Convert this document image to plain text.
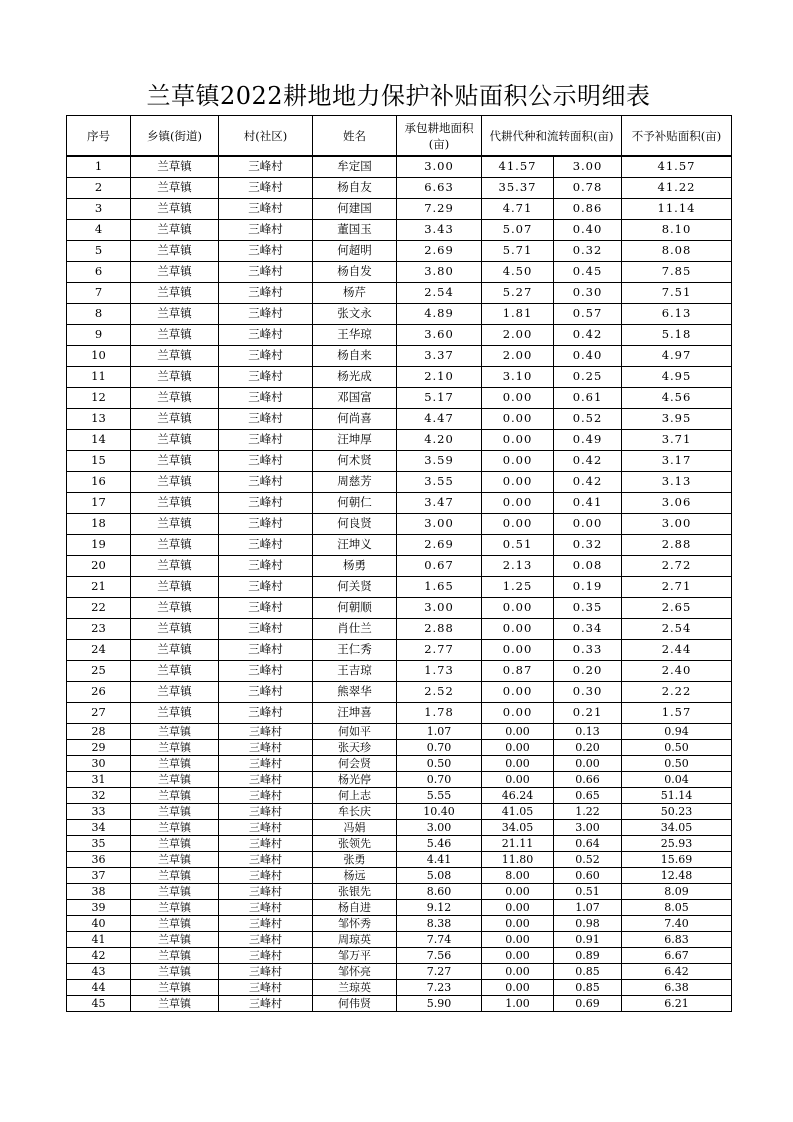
兰草镇2022耕地地力保护补贴面积公示明细表
序号	乡镇(街道)	村(社区)	姓名	承包耕地面积(亩)	代耕代种和流转面积(亩)		不予补贴面积(亩)
1	兰草镇	三峰村	牟定国	3.00	41.57	3.00	41.57
2	兰草镇	三峰村	杨自友	6.63	35.37	0.78	41.22
3	兰草镇	三峰村	何建国	7.29	4.71	0.86	11.14
4	兰草镇	三峰村	董国玉	3.43	5.07	0.40	8.10
5	兰草镇	三峰村	何超明	2.69	5.71	0.32	8.08
6	兰草镇	三峰村	杨自发	3.80	4.50	0.45	7.85
7	兰草镇	三峰村	杨芹	2.54	5.27	0.30	7.51
8	兰草镇	三峰村	张文永	4.89	1.81	0.57	6.13
9	兰草镇	三峰村	王华琼	3.60	2.00	0.42	5.18
10	兰草镇	三峰村	杨自来	3.37	2.00	0.40	4.97
11	兰草镇	三峰村	杨光成	2.10	3.10	0.25	4.95
12	兰草镇	三峰村	邓国富	5.17	0.00	0.61	4.56
13	兰草镇	三峰村	何尚喜	4.47	0.00	0.52	3.95
14	兰草镇	三峰村	汪坤厚	4.20	0.00	0.49	3.71
15	兰草镇	三峰村	何术贤	3.59	0.00	0.42	3.17
16	兰草镇	三峰村	周慈芳	3.55	0.00	0.42	3.13
17	兰草镇	三峰村	何朝仁	3.47	0.00	0.41	3.06
18	兰草镇	三峰村	何良贤	3.00	0.00	0.00	3.00
19	兰草镇	三峰村	汪坤义	2.69	0.51	0.32	2.88
20	兰草镇	三峰村	杨勇	0.67	2.13	0.08	2.72
21	兰草镇	三峰村	何关贤	1.65	1.25	0.19	2.71
22	兰草镇	三峰村	何朝顺	3.00	0.00	0.35	2.65
23	兰草镇	三峰村	肖仕兰	2.88	0.00	0.34	2.54
24	兰草镇	三峰村	王仁秀	2.77	0.00	0.33	2.44
25	兰草镇	三峰村	王吉琼	1.73	0.87	0.20	2.40
26	兰草镇	三峰村	熊翠华	2.52	0.00	0.30	2.22
27	兰草镇	三峰村	汪坤喜	1.78	0.00	0.21	1.57
28	兰草镇	三峰村	何如平	1.07	0.00	0.13	0.94
29	兰草镇	三峰村	张天珍	0.70	0.00	0.20	0.50
30	兰草镇	三峰村	何会贤	0.50	0.00	0.00	0.50
31	兰草镇	三峰村	杨光停	0.70	0.00	0.66	0.04
32	兰草镇	三峰村	何上志	5.55	46.24	0.65	51.14
33	兰草镇	三峰村	牟长庆	10.40	41.05	1.22	50.23
34	兰草镇	三峰村	冯娟	3.00	34.05	3.00	34.05
35	兰草镇	三峰村	张领先	5.46	21.11	0.64	25.93
36	兰草镇	三峰村	张勇	4.41	11.80	0.52	15.69
37	兰草镇	三峰村	杨远	5.08	8.00	0.60	12.48
38	兰草镇	三峰村	张银先	8.60	0.00	0.51	8.09
39	兰草镇	三峰村	杨自进	9.12	0.00	1.07	8.05
40	兰草镇	三峰村	邹怀秀	8.38	0.00	0.98	7.40
41	兰草镇	三峰村	周琼英	7.74	0.00	0.91	6.83
42	兰草镇	三峰村	邹万平	7.56	0.00	0.89	6.67
43	兰草镇	三峰村	邹怀亮	7.27	0.00	0.85	6.42
44	兰草镇	三峰村	兰琼英	7.23	0.00	0.85	6.38
45	兰草镇	三峰村	何伟贤	5.90	1.00	0.69	6.21
